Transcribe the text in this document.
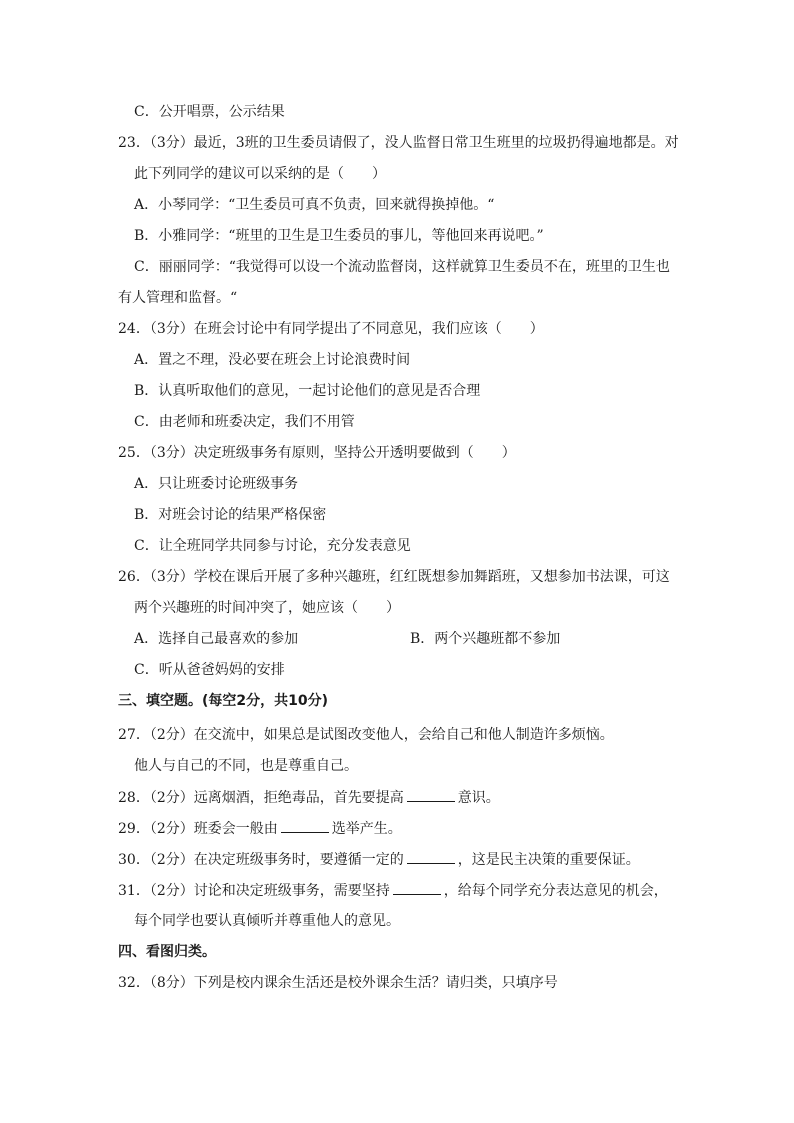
C．公开唱票，公示结果
23．（3分）最近，3班的卫生委员请假了，没人监督日常卫生班里的垃圾扔得遍地都是。对
此下列同学的建议可以采纳的是（　　）
A．小琴同学：“卫生委员可真不负责，回来就得换掉他。“
B．小雅同学：“班里的卫生是卫生委员的事儿，等他回来再说吧。”
C．丽丽同学：“我觉得可以设一个流动监督岗，这样就算卫生委员不在，班里的卫生也
有人管理和监督。“
24．（3分）在班会讨论中有同学提出了不同意见，我们应该（　　）
A．置之不理，没必要在班会上讨论浪费时间
B．认真听取他们的意见，一起讨论他们的意见是否合理
C．由老师和班委决定，我们不用管
25．（3分）决定班级事务有原则，坚持公开透明要做到（　　）
A．只让班委讨论班级事务
B．对班会讨论的结果严格保密
C．让全班同学共同参与讨论，充分发表意见
26．（3分）学校在课后开展了多种兴趣班，红红既想参加舞蹈班，又想参加书法课，可这
两个兴趣班的时间冲突了，她应该（　　）
A．选择自己最喜欢的参加	B．两个兴趣班都不参加
C．听从爸爸妈妈的安排
三、填空题。(每空2分，共10分)
27．（2分）在交流中，如果总是试图改变他人，会给自己和他人制造许多烦恼。
他人与自己的不同，也是尊重自己。
28．（2分）远离烟酒，拒绝毒品，首先要提高	意识。
29．（2分）班委会一般由	选举产生。
30．（2分）在决定班级事务时，要遵循一定的	，这是民主决策的重要保证。
31．（2分）讨论和决定班级事务，需要坚持	，给每个同学充分表达意见的机会，
每个同学也要认真倾听并尊重他人的意见。
四、看图归类。
32．（8分）下列是校内课余生活还是校外课余生活？请归类，只填序号
